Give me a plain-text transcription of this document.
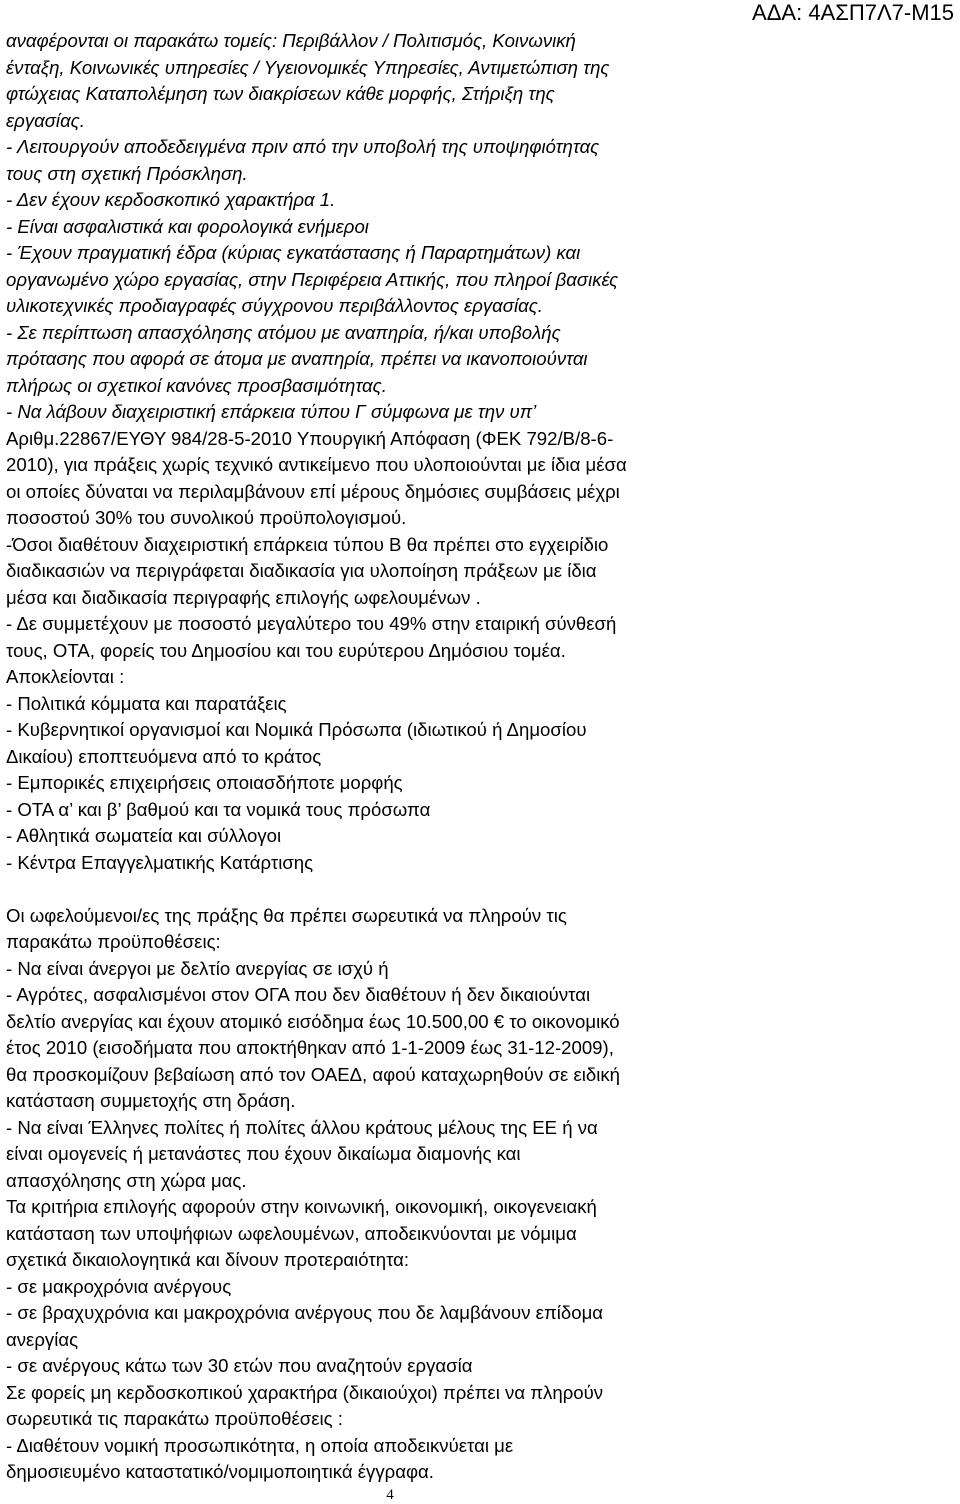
ΑΔΑ: 4ΑΣΠ7Λ7-Μ15
αναφέρονται οι παρακάτω τομείς: Περιβάλλον / Πολιτισμός, Κοινωνική
ένταξη, Κοινωνικές υπηρεσίες / Υγειονομικές Υπηρεσίες, Αντιμετώπιση της
φτώχειας Καταπολέμηση των διακρίσεων κάθε μορφής, Στήριξη της
εργασίας.
- Λειτουργούν αποδεδειγμένα πριν από την υποβολή της υποψηφιότητας
τους στη σχετική Πρόσκληση.
- Δεν έχουν κερδοσκοπικό χαρακτήρα 1.
- Είναι ασφαλιστικά και φορολογικά ενήμεροι
- Έχουν πραγματική έδρα (κύριας εγκατάστασης ή Παραρτημάτων) και
οργανωμένο χώρο εργασίας, στην Περιφέρεια Αττικής, που πληροί βασικές
υλικοτεχνικές προδιαγραφές σύγχρονου περιβάλλοντος εργασίας.
- Σε περίπτωση απασχόλησης ατόμου με αναπηρία, ή/και υποβολής
πρότασης που αφορά σε άτομα με αναπηρία, πρέπει να ικανοποιούνται
πλήρως οι σχετικοί κανόνες προσβασιμότητας.
- Να λάβουν διαχειριστική επάρκεια τύπου Γ σύμφωνα με την υπ’
Αριθμ.22867/ΕΥΘΥ 984/28-5-2010 Υπουργική Απόφαση (ΦΕΚ 792/Β/8-6-
2010), για πράξεις χωρίς τεχνικό αντικείμενο που υλοποιούνται με ίδια μέσα
οι οποίες δύναται να περιλαμβάνουν επί μέρους δημόσιες συμβάσεις μέχρι
ποσοστού 30% του συνολικού προϋπολογισμού.
-Όσοι διαθέτουν διαχειριστική επάρκεια τύπου Β θα πρέπει στο εγχειρίδιο
διαδικασιών να περιγράφεται διαδικασία για υλοποίηση πράξεων με ίδια
μέσα και διαδικασία περιγραφής επιλογής ωφελουμένων .
- Δε συμμετέχουν με ποσοστό μεγαλύτερο του 49% στην εταιρική σύνθεσή
τους, ΟΤΑ, φορείς του Δημοσίου και του ευρύτερου Δημόσιου τομέα.
Αποκλείονται :
- Πολιτικά κόμματα και παρατάξεις
- Κυβερνητικοί οργανισμοί και Νομικά Πρόσωπα (ιδιωτικού ή Δημοσίου
Δικαίου) εποπτευόμενα από το κράτος
- Εμπορικές επιχειρήσεις οποιασδήποτε μορφής
- ΟΤΑ α’ και β’ βαθμού και τα νομικά τους πρόσωπα
- Αθλητικά σωματεία και σύλλογοι
- Κέντρα Επαγγελματικής Κατάρτισης
Οι ωφελούμενοι/ες της πράξης θα πρέπει σωρευτικά να πληρούν τις
παρακάτω προϋποθέσεις:
- Να είναι άνεργοι με δελτίο ανεργίας σε ισχύ ή
- Αγρότες, ασφαλισμένοι στον ΟΓΑ που δεν διαθέτουν ή δεν δικαιούνται
δελτίο ανεργίας και έχουν ατομικό εισόδημα έως 10.500,00 € το οικονομικό
έτος 2010 (εισοδήματα που αποκτήθηκαν από 1-1-2009 έως 31-12-2009),
θα προσκομίζουν βεβαίωση από τον ΟΑΕΔ, αφού καταχωρηθούν σε ειδική
κατάσταση συμμετοχής στη δράση.
- Να είναι Έλληνες πολίτες ή πολίτες άλλου κράτους μέλους της ΕΕ ή να
είναι ομογενείς ή μετανάστες που έχουν δικαίωμα διαμονής και
απασχόλησης στη χώρα μας.
Τα κριτήρια επιλογής αφορούν στην κοινωνική, οικονομική, οικογενειακή
κατάσταση των υποψήφιων ωφελουμένων, αποδεικνύονται με νόμιμα
σχετικά δικαιολογητικά και δίνουν προτεραιότητα:
- σε μακροχρόνια ανέργους
- σε βραχυχρόνια και μακροχρόνια ανέργους που δε λαμβάνουν επίδομα
ανεργίας
- σε ανέργους κάτω των 30 ετών που αναζητούν εργασία
Σε φορείς μη κερδοσκοπικού χαρακτήρα (δικαιούχοι) πρέπει να πληρούν
σωρευτικά τις παρακάτω προϋποθέσεις :
- Διαθέτουν νομική προσωπικότητα, η οποία αποδεικνύεται με
δημοσιευμένο καταστατικό/νομιμοποιητικά έγγραφα.
4
